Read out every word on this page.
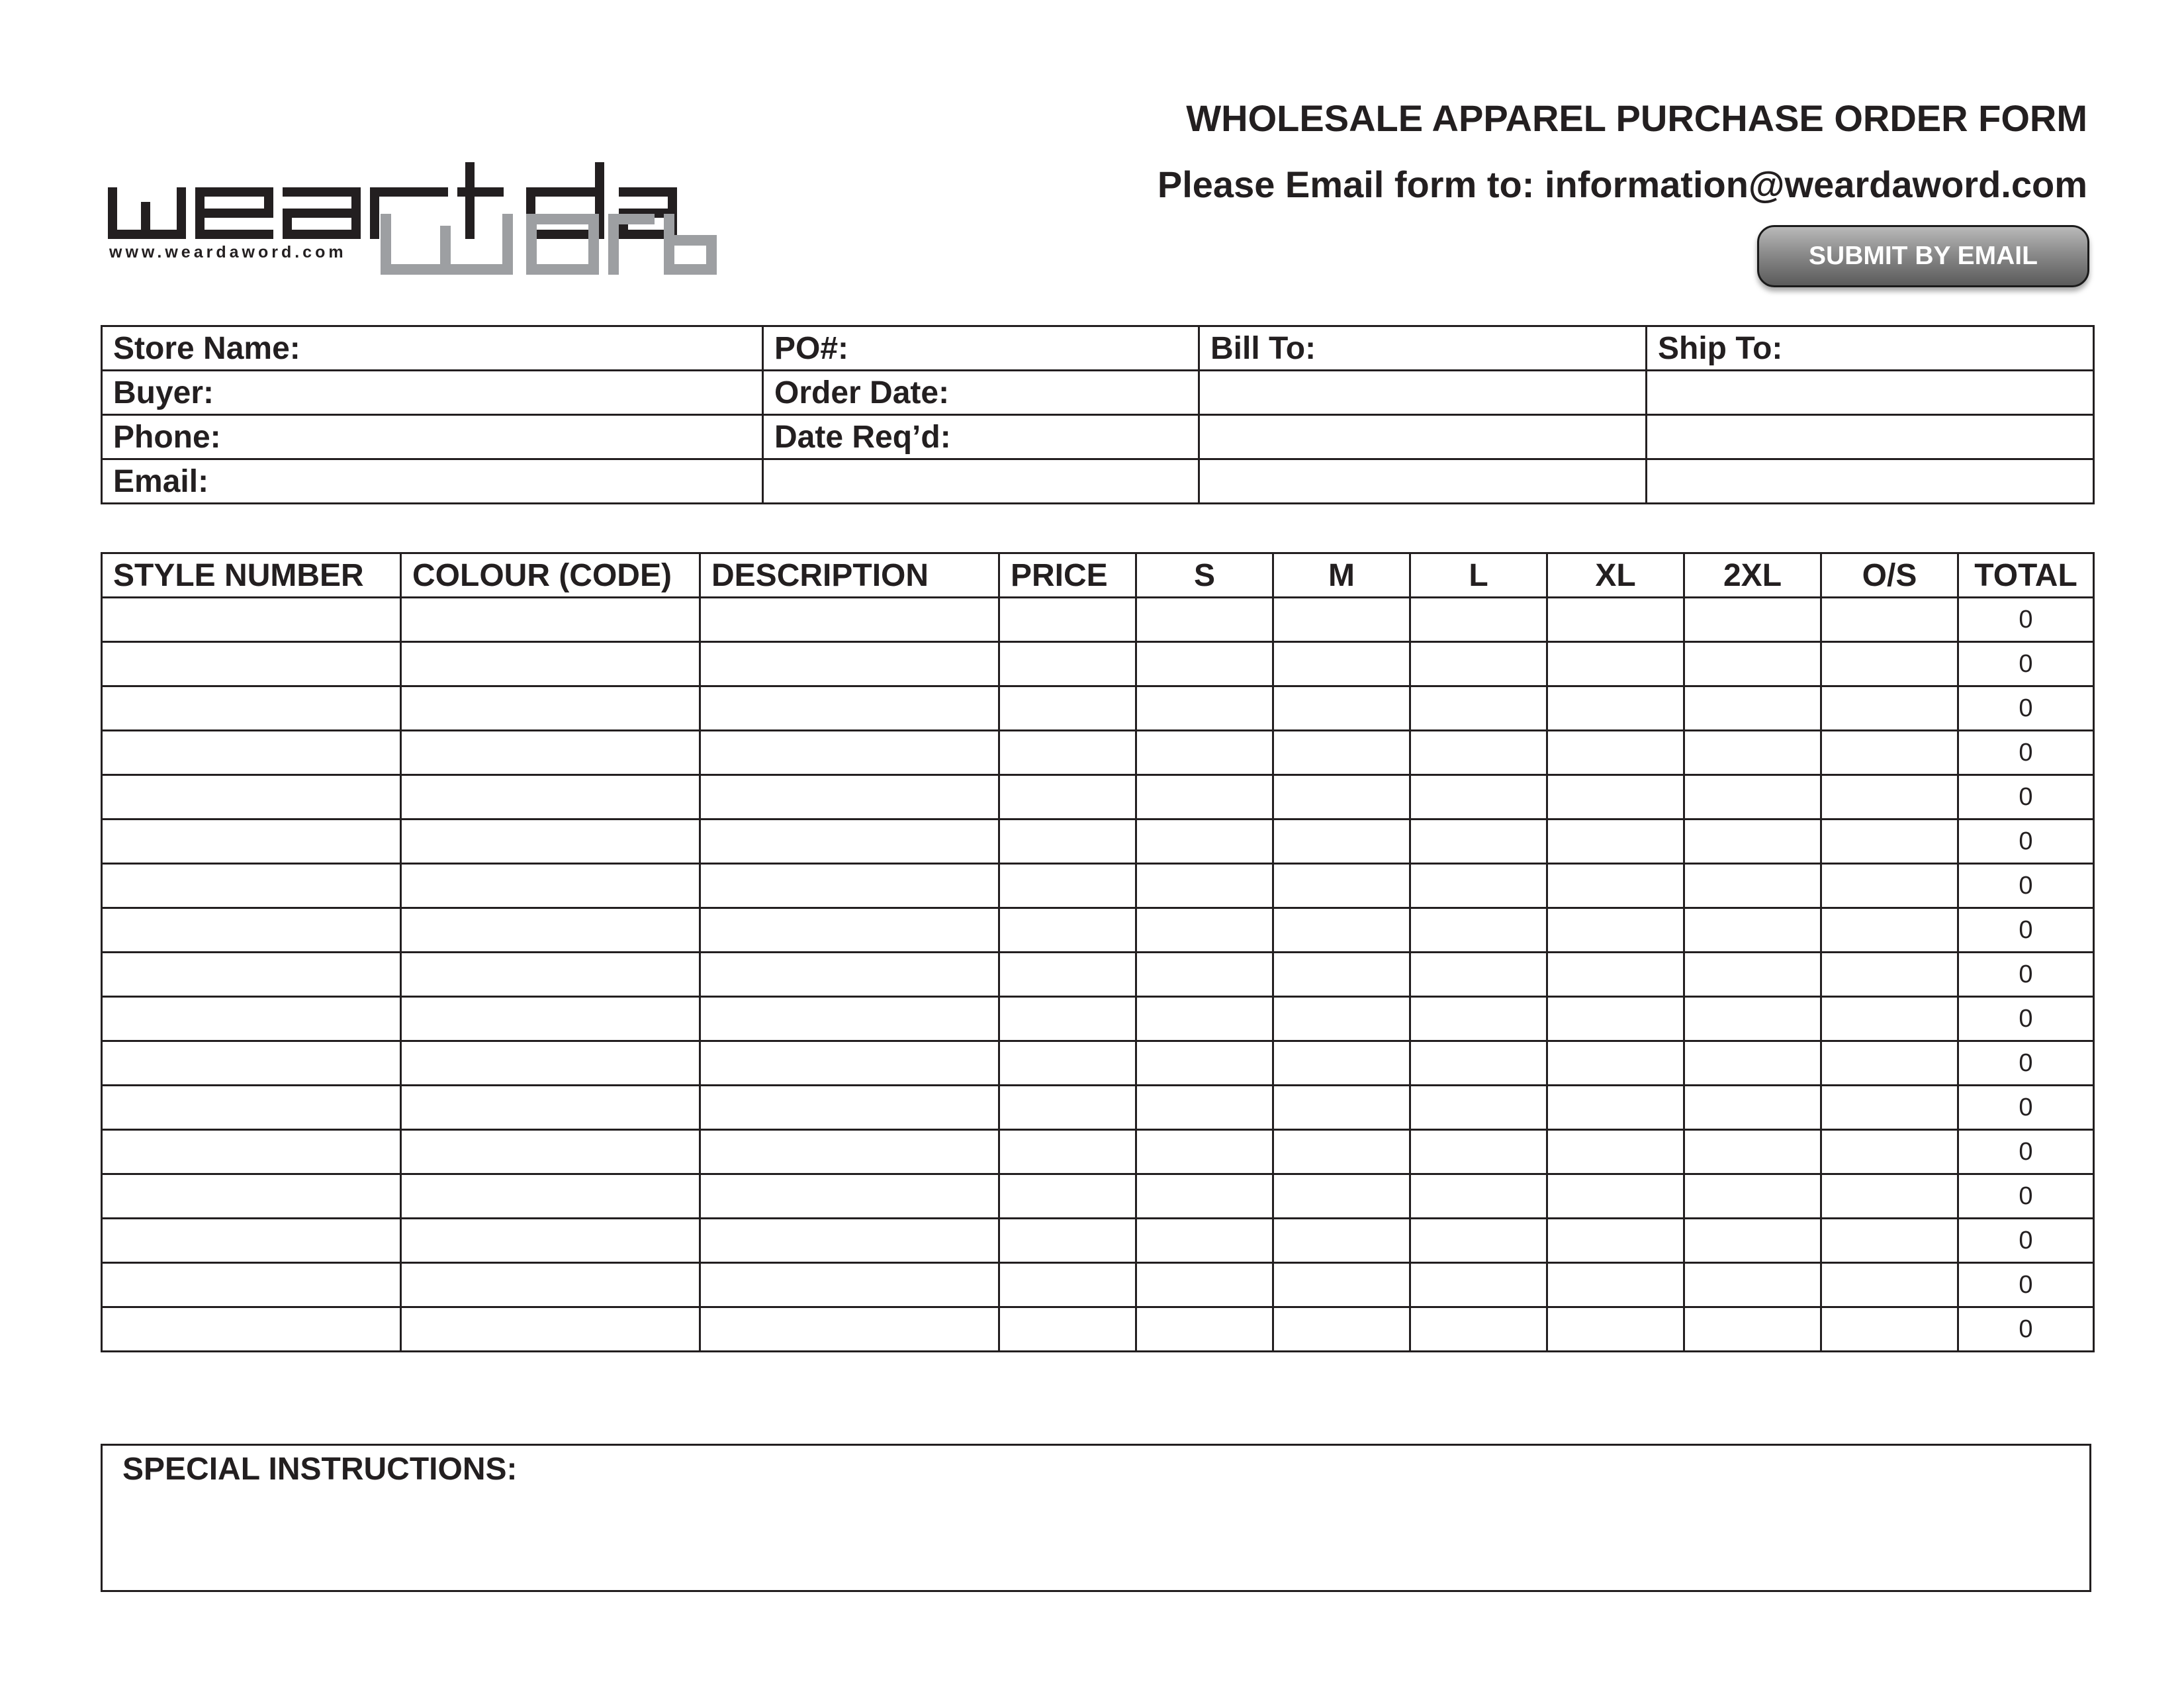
www.weardaword.com
WHOLESALE APPAREL PURCHASE ORDER FORM
Please Email form to: information@weardaword.com
SUBMIT BY EMAIL
Store Name:	PO#:	Bill To:	Ship To:
Buyer:	Order Date:		
Phone:	Date Req’d:		
Email:			
STYLE NUMBER	COLOUR (CODE)	DESCRIPTION	PRICE	S	M	L	XL	2XL	O/S	TOTAL
										0
										0
										0
										0
										0
										0
										0
										0
										0
										0
										0
										0
										0
										0
										0
										0
										0
SPECIAL INSTRUCTIONS:
